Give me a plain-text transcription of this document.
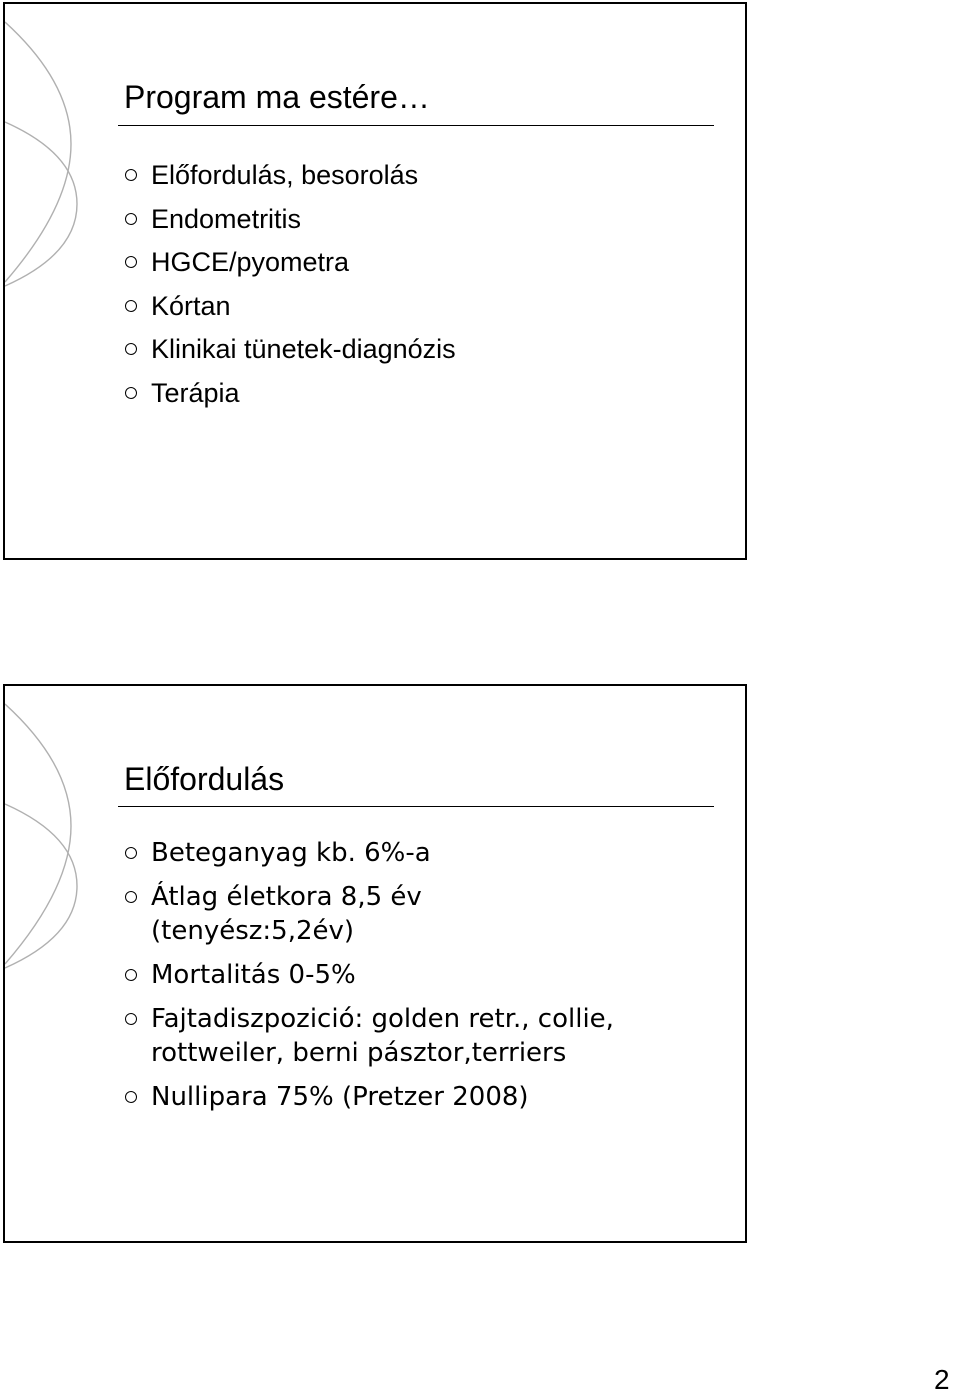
Program ma estére…
Előfordulás, besorolás
Endometritis
HGCE/pyometra
Kórtan
Klinikai tünetek-diagnózis
Terápia
Előfordulás
Beteganyag kb. 6%-a
Átlag életkora 8,5 év
(tenyész:5,2év)
Mortalitás 0-5%
Fajtadiszpozició: golden retr., collie,
rottweiler, berni pásztor,terriers
Nullipara 75% (Pretzer 2008)
2
